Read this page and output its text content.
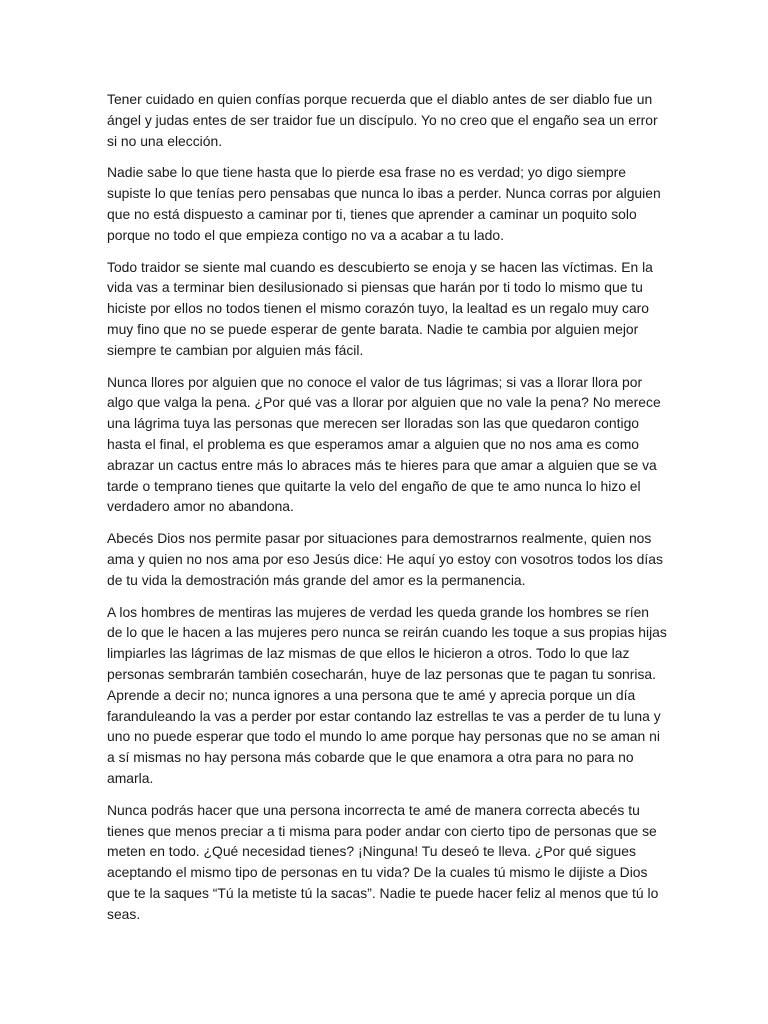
Tener cuidado en quien confías porque recuerda que el diablo antes de ser diablo fue un ángel y judas entes de ser traidor fue un discípulo. Yo no creo que el engaño sea un error si no una elección.

Nadie sabe lo que tiene hasta que lo pierde esa frase no es verdad; yo digo siempre supiste lo que tenías pero pensabas que nunca lo ibas a perder. Nunca corras por alguien que no está dispuesto a caminar por ti, tienes que aprender a caminar un poquito solo porque no todo el que empieza contigo no va a acabar a tu lado.

Todo traidor se siente mal cuando es descubierto se enoja y se hacen las víctimas. En la vida vas a terminar bien desilusionado si piensas que harán por ti todo lo mismo que tu hiciste por ellos no todos tienen el mismo corazón tuyo, la lealtad es un regalo muy caro muy fino que no se puede esperar de gente barata. Nadie te cambia por alguien mejor siempre te cambian por alguien más fácil.

Nunca llores por alguien que no conoce el valor de tus lágrimas; si vas a llorar llora por algo que valga la pena. ¿Por qué vas a llorar por alguien que no vale la pena? No merece una lágrima tuya las personas que merecen ser lloradas son las que quedaron contigo hasta el final, el problema es que esperamos amar a alguien que no nos ama es como abrazar un cactus entre más lo abraces más te hieres para que amar a alguien que se va tarde o temprano tienes que quitarte la velo del engaño de que te amo nunca lo hizo el verdadero amor no abandona.

Abecés Dios nos permite pasar por situaciones para demostrarnos realmente, quien nos ama y quien no nos ama por eso Jesús dice: He aquí yo estoy con vosotros todos los días de tu vida la demostración más grande del amor es la permanencia.

A los hombres de mentiras las mujeres de verdad les queda grande los hombres se ríen de lo que le hacen a las mujeres pero nunca se reirán cuando les toque a sus propias hijas limpiarles las lágrimas de laz mismas de que ellos le hicieron a otros. Todo lo que laz personas sembrarán también cosecharán, huye de laz personas que te pagan tu sonrisa. Aprende a decir no; nunca ignores a una persona que te amé y aprecia porque un día faranduleando la vas a perder por estar contando laz estrellas te vas a perder de tu luna y uno no puede esperar que todo el mundo lo ame porque hay personas que no se aman ni a sí mismas no hay persona más cobarde que le que enamora a otra para no para no amarla.

Nunca podrás hacer que una persona incorrecta te amé de manera correcta abecés tu tienes que menos preciar a ti misma para poder andar con cierto tipo de personas que se meten en todo. ¿Qué necesidad tienes? ¡Ninguna! Tu deseó te lleva. ¿Por qué sigues aceptando el mismo tipo de personas en tu vida? De la cuales tú mismo le dijiste a Dios que te la saques “Tú la metiste tú la sacas”. Nadie te puede hacer feliz al menos que tú lo seas.
